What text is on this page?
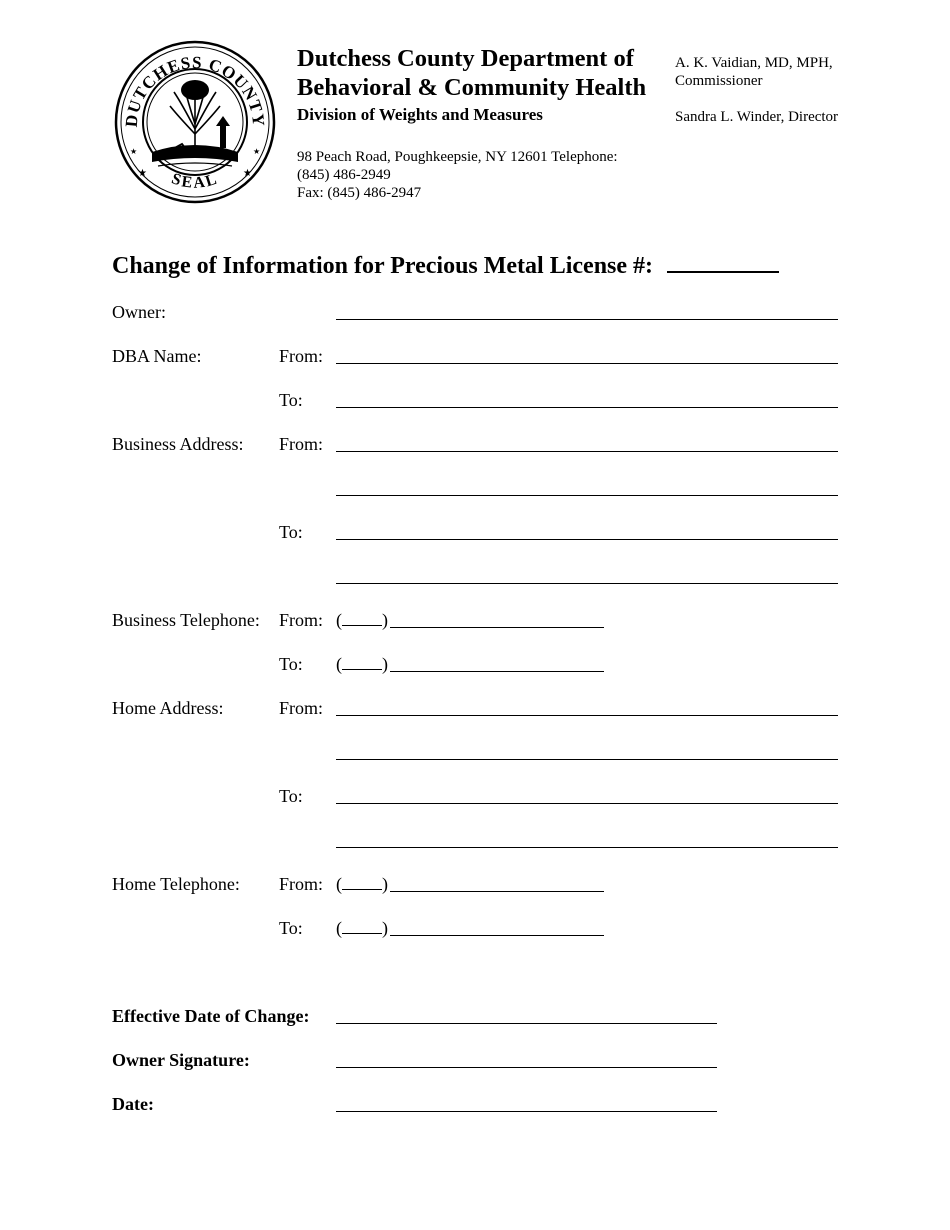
DUTCHESS COUNTY
SEAL
★	★
★	★
Dutchess County Department of
Behavioral & Community Health
Division of Weights and Measures
98 Peach Road, Poughkeepsie, NY 12601 Telephone: (845) 486-2949
Fax: (845) 486-2947
A. K. Vaidian, MD, MPH, Commissioner
Sandra L. Winder, Director
Change of Information for Precious Metal License #:
Owner:
DBA Name:	From:
To:
Business Address: From:
To:
Business Telephone: From: ( )
To: ( )
Home Address:	From:
To:
Home Telephone: From: ( )
To: ( )
Effective Date of Change:
Owner Signature:
Date:
